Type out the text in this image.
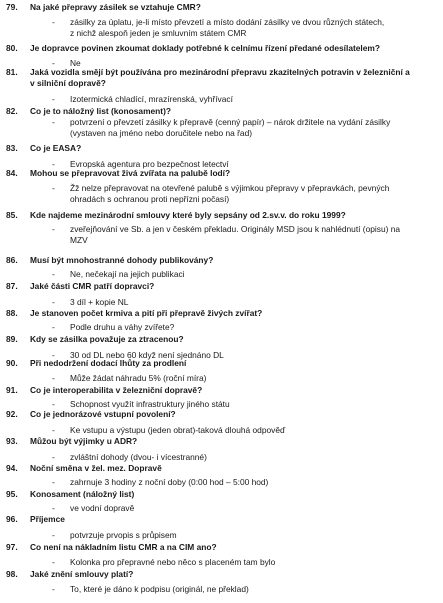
79.	Na jaké přepravy zásilek se vztahuje CMR?
- zásilky za úplatu, je-li místo převzetí a místo dodání zásilky ve dvou různých státech,
z nichž alespoň jeden je smluvním státem CMR
80.	Je dopravce povinen zkoumat doklady potřebné k celnímu řízení předané odesílatelem?
- Ne
81.	Jaká vozidla smějí být používána pro mezinárodní přepravu zkazitelných potravin v železniční a
v silniční dopravě?
- Izotermická chladící, mrazírenská, vyhřívací
82.	Co je to náložný list (konosament)?
- potvrzení o převzetí zásilky k přepravě (cenný papír) – nárok držitele na vydání zásilky
(vystaven na jméno nebo doručitele nebo na řad)
83.	Co je EASA?
- Evropská agentura pro bezpečnost letectví
84.	Mohou se přepravovat živá zvířata na palubě lodí?
- Žž nelze přepravovat na otevřené palubě s výjimkou přepravy v přepravkách, pevných
ohradách s ochranou proti nepřízni počasí)
85.	Kde najdeme mezinárodní smlouvy které byly sepsány od 2.sv.v. do roku 1999?
- zveřejňování ve Sb. a jen v českém překladu. Originály MSD jsou k nahlédnutí (opisu) na
MZV
86.	Musí být mnohostranné dohody publikovány?
- Ne, nečekají na jejich publikaci
87.	Jaké části CMR patří dopravci?
- 3 díl + kopie NL
88.	Je stanoven počet krmiva a pití při přepravě živých zvířat?
- Podle druhu a váhy zvířete?
89.	Kdy se zásilka považuje za ztracenou?
- 30 od DL nebo 60 když není sjednáno DL
90.	Při nedodržení dodací lhůty za prodlení
- Může žádat náhradu 5% (roční míra)
91.	Co je interoperabilita v železniční dopravě?
- Schopnost využít infrastruktury jiného státu
92.	Co je jednorázové vstupní povolení?
- Ke vstupu a výstupu (jeden obrat)-taková dlouhá odpověď
93.	Můžou být výjimky u ADR?
- zvláštní dohody (dvou- i vícestranné)
94.	Noční směna v žel. mez. Dopravě
- zahrnuje 3 hodiny z noční doby (0:00 hod – 5:00 hod)
95.	Konosament (náložný list)
- ve vodní dopravě
96.	Příjemce
- potvrzuje prvopis s průpisem
97.	Co není na nákladním listu CMR a na CIM ano?
- Kolonka pro přepravné nebo něco s placeném tam bylo
98.	Jaké znění smlouvy platí?
- To, které je dáno k podpisu (originál, ne překlad)
